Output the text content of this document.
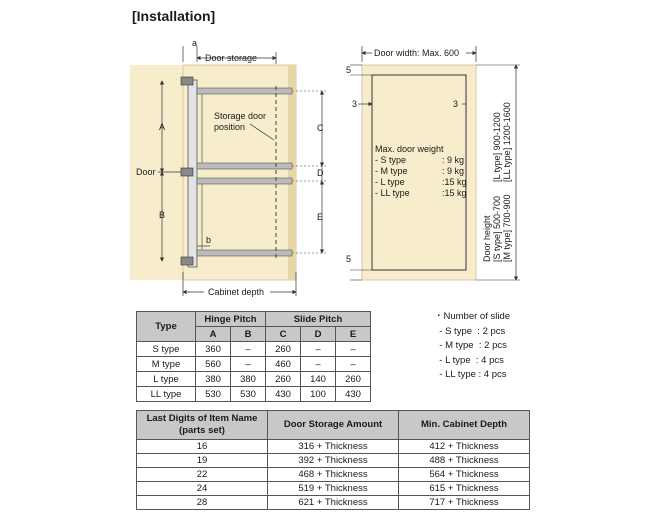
[Installation]
a
Door storage
Storage door
position
A
B
Door
b
C
D
E
Cabinet depth
Door width: Max. 600
5
5
3	3
Max. door weight
- S type	: 9 kg
- M type	: 9 kg
- L type	:15 kg
- LL type	:15 kg
Door height [S type] 500-700 [M type] 700-900
[L type] 900-1200 [LL type] 1200-1600
Type	Hinge Pitch		Slide Pitch		
	A	B	C	D	E
S type	360	–	260	–	–
M type	560	–	460	–	–
L type	380	380	260	140	260
LL type	530	530	430	100	430
・Number of slide
- S type  : 2 pcs
- M type  : 2 pcs
- L type  : 4 pcs
- LL type : 4 pcs
Last Digits of Item Name
(parts set)	Door Storage Amount	Min. Cabinet Depth
16	316 + Thickness	412 + Thickness
19	392 + Thickness	488 + Thickness
22	468 + Thickness	564 + Thickness
24	519 + Thickness	615 + Thickness
28	621 + Thickness	717 + Thickness
